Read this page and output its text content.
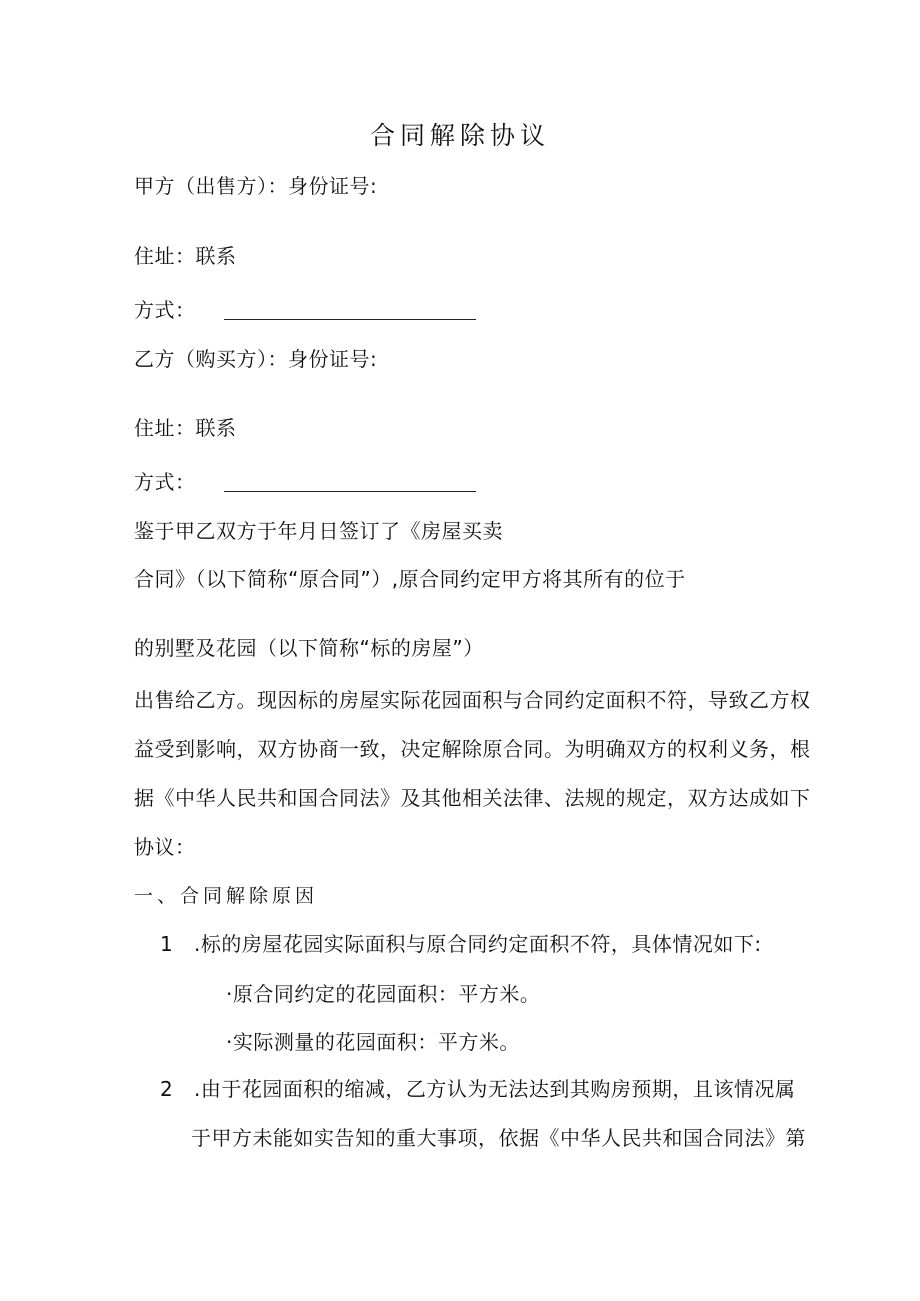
合同解除协议
甲方（出售方）：身份证号:
住址：联系
方式：
乙方（购买方）：身份证号:
住址：联系
方式：
鉴于甲乙双方于年月日签订了《房屋买卖
合同》（以下简称“原合同”）,原合同约定甲方将其所有的位于
的别墅及花园（以下简称“标的房屋”）
出售给乙方。现因标的房屋实际花园面积与合同约定面积不符，导致乙方权
益受到影响，双方协商一致，决定解除原合同。为明确双方的权利义务，根
据《中华人民共和国合同法》及其他相关法律、法规的规定，双方达成如下
协议：
一、合同解除原因
1 .标的房屋花园实际面积与原合同约定面积不符，具体情况如下:
·原合同约定的花园面积：平方米。
·实际测量的花园面积：平方米。
2 .由于花园面积的缩减，乙方认为无法达到其购房预期，且该情况属
于甲方未能如实告知的重大事项，依据《中华人民共和国合同法》第
